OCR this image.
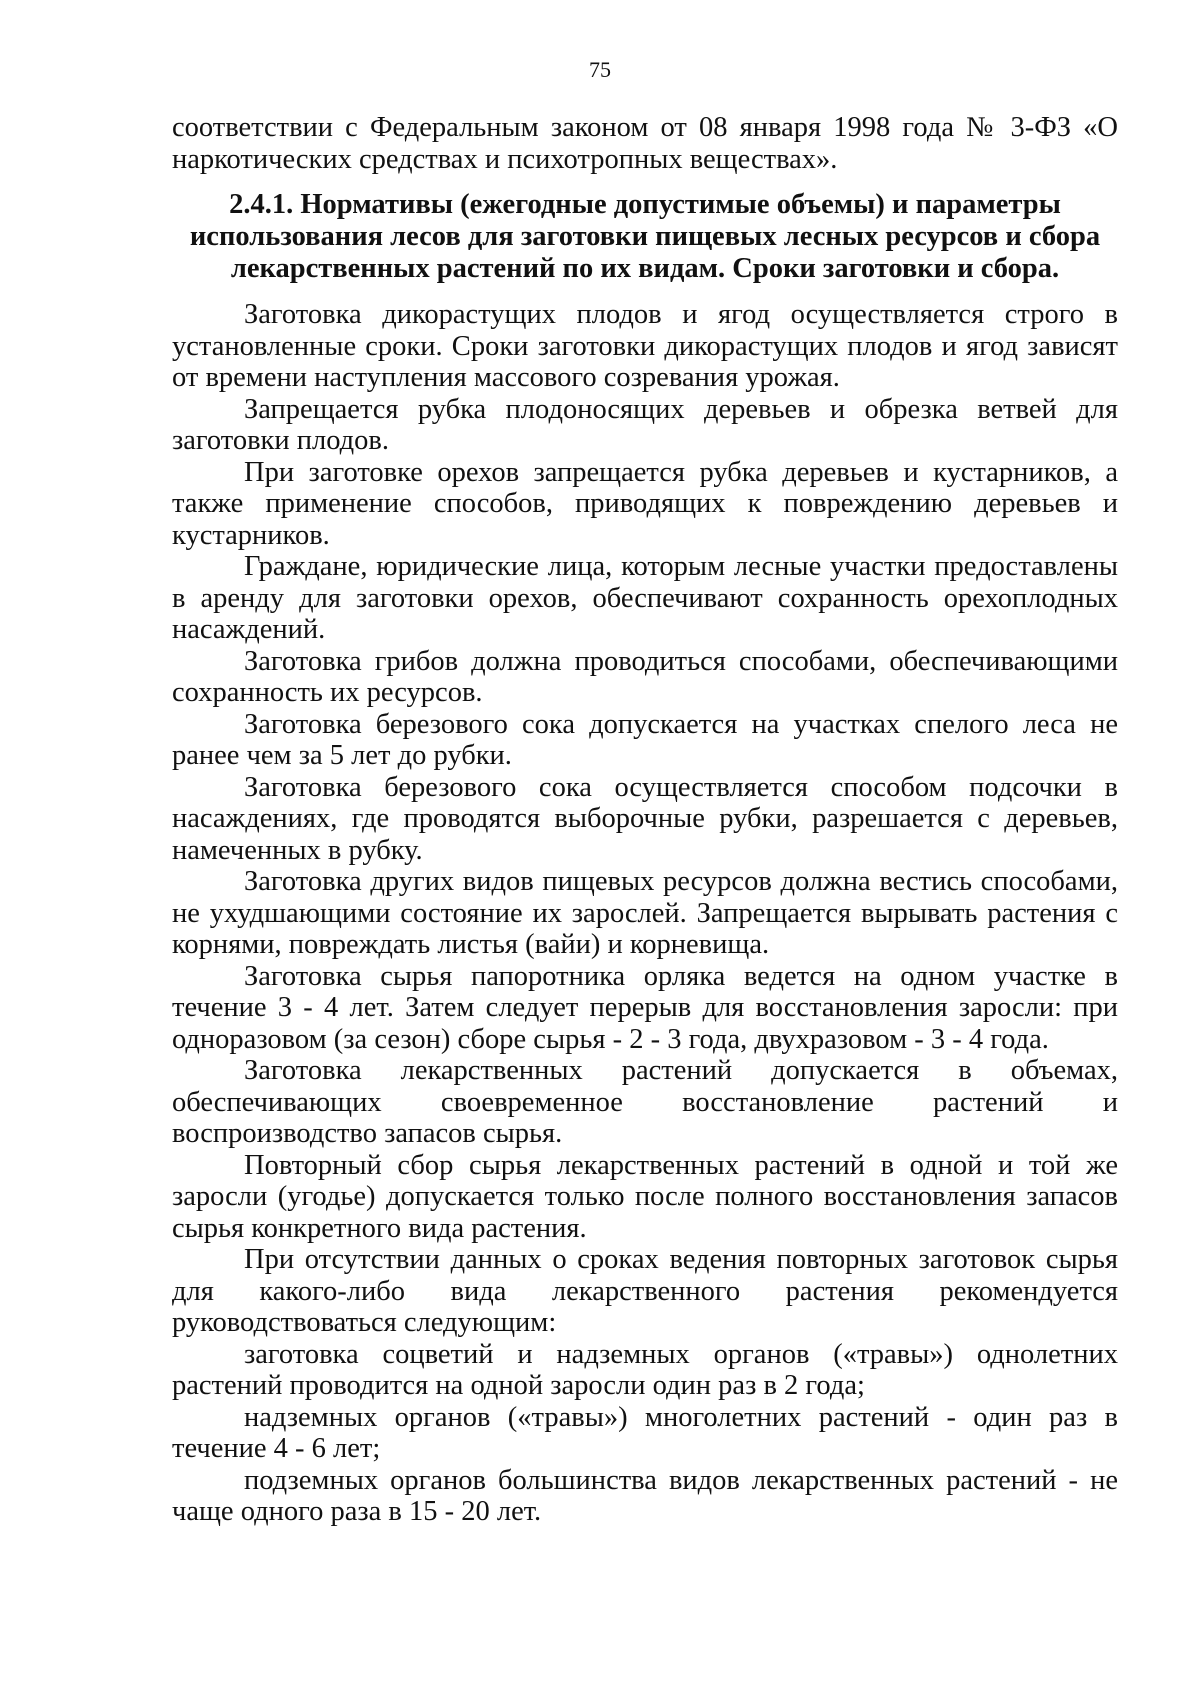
75

соответствии с Федеральным законом от 08 января 1998 года № 3-ФЗ «О наркотических средствах и психотропных веществах».

2.4.1. Нормативы (ежегодные допустимые объемы) и параметры использования лесов для заготовки пищевых лесных ресурсов и сбора лекарственных растений по их видам. Сроки заготовки и сбора.

Заготовка дикорастущих плодов и ягод осуществляется строго в установленные сроки. Сроки заготовки дикорастущих плодов и ягод зависят от времени наступления массового созревания урожая.

Запрещается рубка плодоносящих деревьев и обрезка ветвей для заготовки плодов.

При заготовке орехов запрещается рубка деревьев и кустарников, а также применение способов, приводящих к повреждению деревьев и кустарников.

Граждане, юридические лица, которым лесные участки предоставлены в аренду для заготовки орехов, обеспечивают сохранность орехоплодных насаждений.

Заготовка грибов должна проводиться способами, обеспечивающими сохранность их ресурсов.

Заготовка березового сока допускается на участках спелого леса не ранее чем за 5 лет до рубки.

Заготовка березового сока осуществляется способом подсочки в насаждениях, где проводятся выборочные рубки, разрешается с деревьев, намеченных в рубку.

Заготовка других видов пищевых ресурсов должна вестись способами, не ухудшающими состояние их зарослей. Запрещается вырывать растения с корнями, повреждать листья (вайи) и корневища.

Заготовка сырья папоротника орляка ведется на одном участке в течение 3 - 4 лет. Затем следует перерыв для восстановления заросли: при одноразовом (за сезон) сборе сырья - 2 - 3 года, двухразовом - 3 - 4 года.

Заготовка лекарственных растений допускается в объемах, обеспечивающих своевременное восстановление растений и воспроизводство запасов сырья.

Повторный сбор сырья лекарственных растений в одной и той же заросли (угодье) допускается только после полного восстановления запасов сырья конкретного вида растения.

При отсутствии данных о сроках ведения повторных заготовок сырья для какого-либо вида лекарственного растения рекомендуется руководствоваться следующим:

заготовка соцветий и надземных органов («травы») однолетних растений проводится на одной заросли один раз в 2 года;

надземных органов («травы») многолетних растений - один раз в течение 4 - 6 лет;

подземных органов большинства видов лекарственных растений - не чаще одного раза в 15 - 20 лет.
